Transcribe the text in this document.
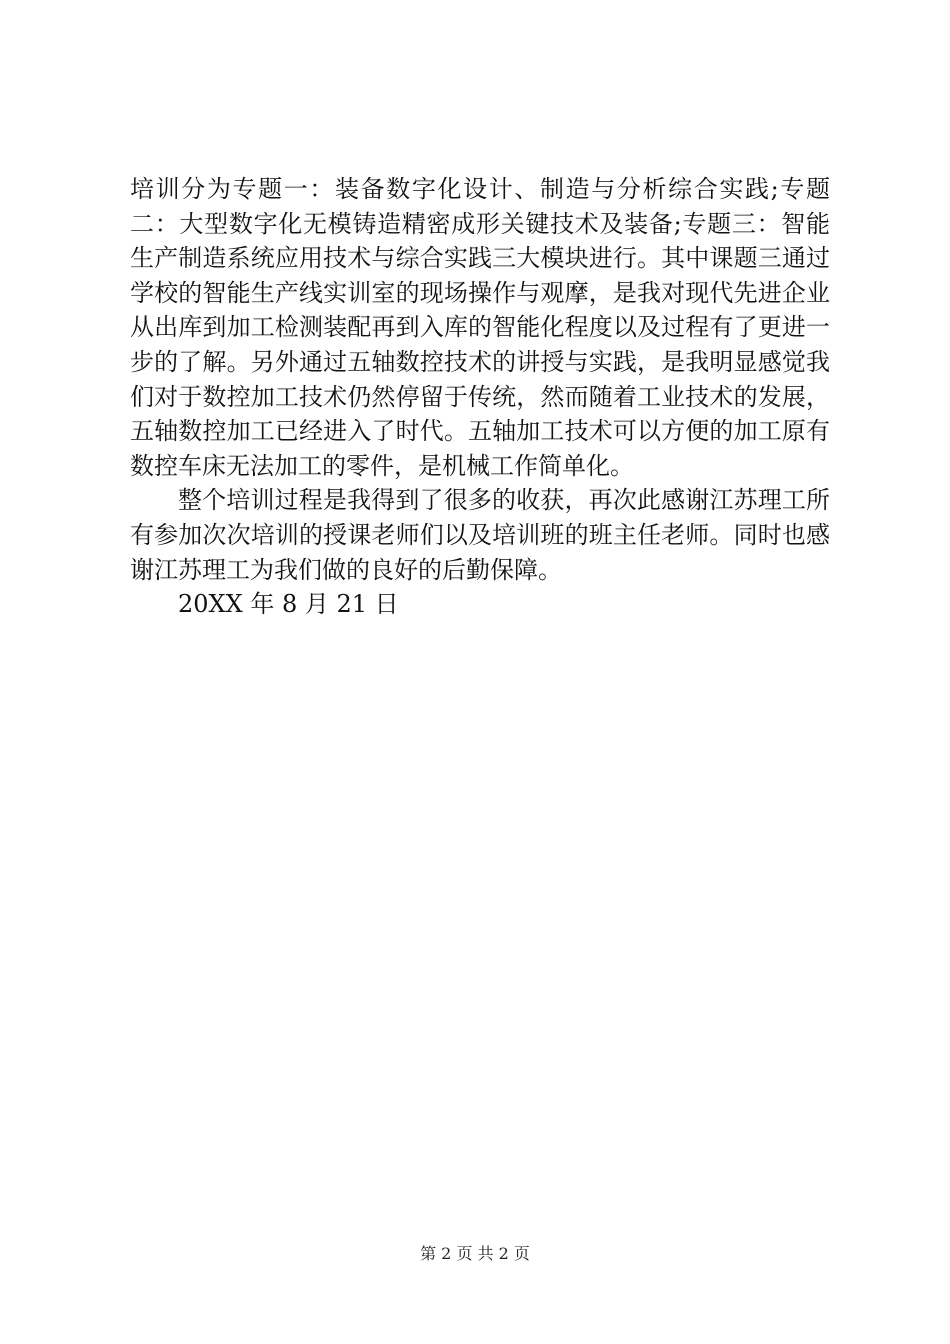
培训分为专题一：装备数字化设计、制造与分析综合实践;专题二：大型数字化无模铸造精密成形关键技术及装备;专题三：智能生产制造系统应用技术与综合实践三大模块进行。其中课题三通过学校的智能生产线实训室的现场操作与观摩，是我对现代先进企业从出库到加工检测装配再到入库的智能化程度以及过程有了更进一步的了解。另外通过五轴数控技术的讲授与实践，是我明显感觉我们对于数控加工技术仍然停留于传统，然而随着工业技术的发展，五轴数控加工已经进入了时代。五轴加工技术可以方便的加工原有数控车床无法加工的零件，是机械工作简单化。

整个培训过程是我得到了很多的收获，再次此感谢江苏理工所有参加次次培训的授课老师们以及培训班的班主任老师。同时也感谢江苏理工为我们做的良好的后勤保障。

20XX 年 8 月 21 日

第 2 页 共 2 页
